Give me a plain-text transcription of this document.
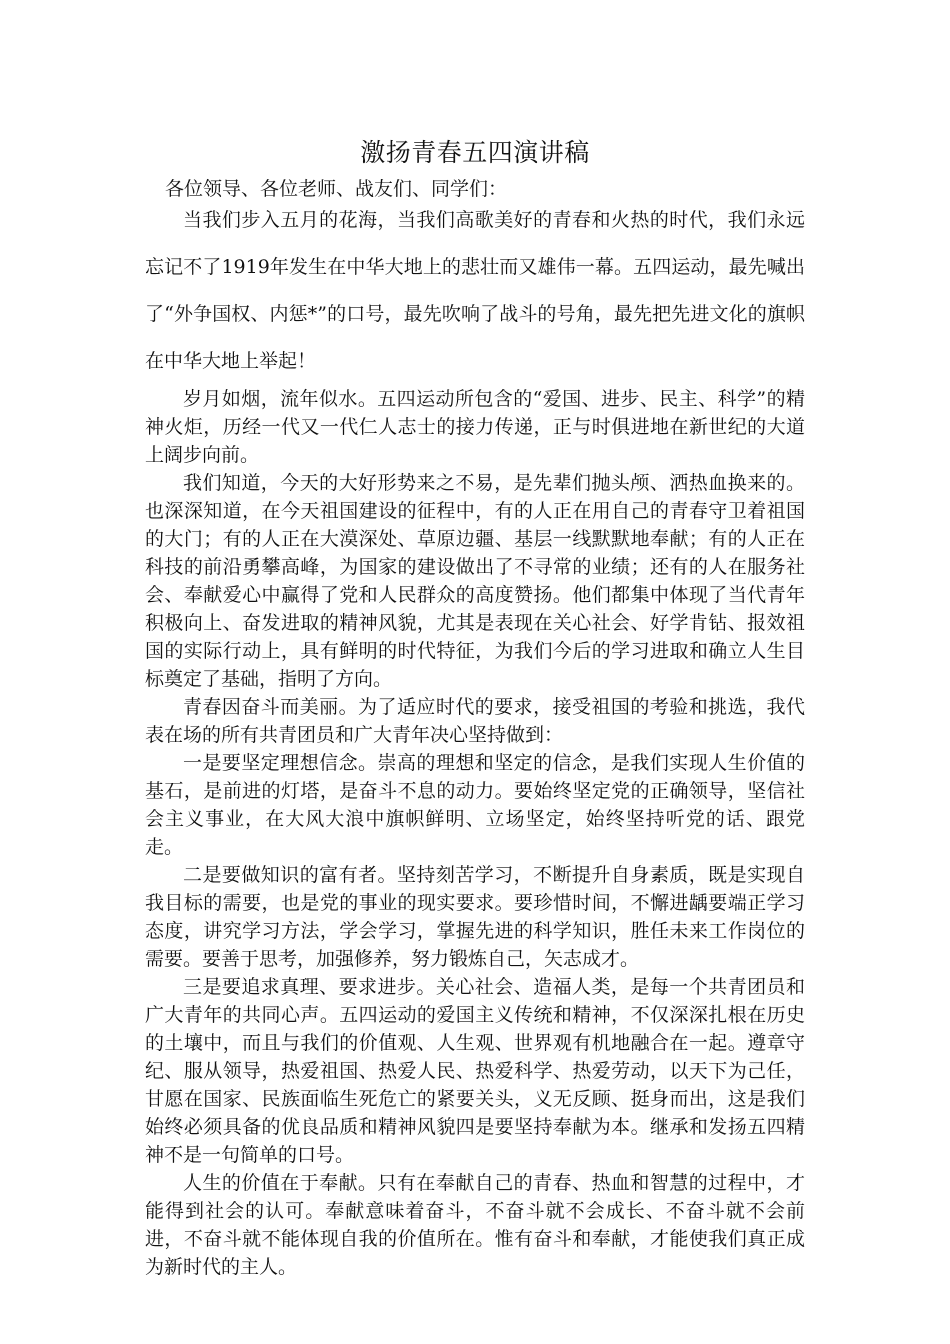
激扬青春五四演讲稿

各位领导、各位老师、战友们、同学们：

当我们步入五月的花海，当我们高歌美好的青春和火热的时代，我们永远忘记不了1919年发生在中华大地上的悲壮而又雄伟一幕。五四运动，最先喊出了“外争国权、内惩*”的口号，最先吹响了战斗的号角，最先把先进文化的旗帜在中华大地上举起！

岁月如烟，流年似水。五四运动所包含的“爱国、进步、民主、科学”的精神火炬，历经一代又一代仁人志士的接力传递，正与时俱进地在新世纪的大道上阔步向前。

我们知道，今天的大好形势来之不易，是先辈们抛头颅、洒热血换来的。也深深知道，在今天祖国建设的征程中，有的人正在用自己的青春守卫着祖国的大门；有的人正在大漠深处、草原边疆、基层一线默默地奉献；有的人正在科技的前沿勇攀高峰，为国家的建设做出了不寻常的业绩；还有的人在服务社会、奉献爱心中赢得了党和人民群众的高度赞扬。他们都集中体现了当代青年积极向上、奋发进取的精神风貌，尤其是表现在关心社会、好学肯钻、报效祖国的实际行动上，具有鲜明的时代特征，为我们今后的学习进取和确立人生目标奠定了基础，指明了方向。

青春因奋斗而美丽。为了适应时代的要求，接受祖国的考验和挑选，我代表在场的所有共青团员和广大青年决心坚持做到：

一是要坚定理想信念。崇高的理想和坚定的信念，是我们实现人生价值的基石，是前进的灯塔，是奋斗不息的动力。要始终坚定党的正确领导，坚信社会主义事业，在大风大浪中旗帜鲜明、立场坚定，始终坚持听党的话、跟党走。

二是要做知识的富有者。坚持刻苦学习，不断提升自身素质，既是实现自我目标的需要，也是党的事业的现实要求。要珍惜时间，不懈进龋要端正学习态度，讲究学习方法，学会学习，掌握先进的科学知识，胜任未来工作岗位的需要。要善于思考，加强修养，努力锻炼自己，矢志成才。

三是要追求真理、要求进步。关心社会、造福人类，是每一个共青团员和广大青年的共同心声。五四运动的爱国主义传统和精神，不仅深深扎根在历史的土壤中，而且与我们的价值观、人生观、世界观有机地融合在一起。遵章守纪、服从领导，热爱祖国、热爱人民、热爱科学、热爱劳动，以天下为己任，甘愿在国家、民族面临生死危亡的紧要关头，义无反顾、挺身而出，这是我们始终必须具备的优良品质和精神风貌四是要坚持奉献为本。继承和发扬五四精神不是一句简单的口号。

人生的价值在于奉献。只有在奉献自己的青春、热血和智慧的过程中，才能得到社会的认可。奉献意味着奋斗，不奋斗就不会成长、不奋斗就不会前进，不奋斗就不能体现自我的价值所在。惟有奋斗和奉献，才能使我们真正成为新时代的主人。
